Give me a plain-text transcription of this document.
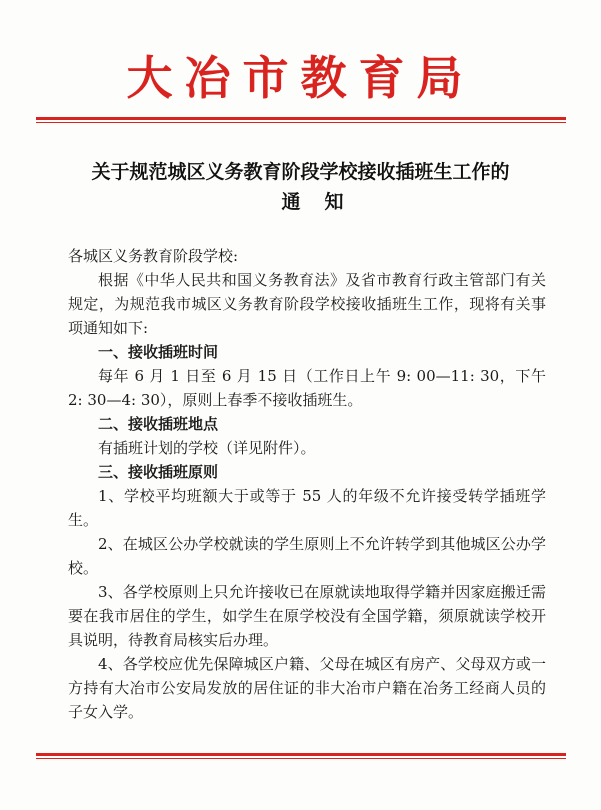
大冶市教育局
关于规范城区义务教育阶段学校接收插班生工作的
通知

各城区义务教育阶段学校:

根据《中华人民共和国义务教育法》及省市教育行政主管部门有关规定，为规范我市城区义务教育阶段学校接收插班生工作，现将有关事项通知如下:

一、接收插班时间

每年 6 月 1 日至 6 月 15 日（工作日上午 9: 00—11: 30，下午 2: 30—4: 30），原则上春季不接收插班生。

二、接收插班地点

有插班计划的学校（详见附件）。

三、接收插班原则

1、学校平均班额大于或等于 55 人的年级不允许接受转学插班学生。

2、在城区公办学校就读的学生原则上不允许转学到其他城区公办学校。

3、各学校原则上只允许接收已在原就读地取得学籍并因家庭搬迁需要在我市居住的学生，如学生在原学校没有全国学籍，须原就读学校开具说明，待教育局核实后办理。

4、各学校应优先保障城区户籍、父母在城区有房产、父母双方或一方持有大冶市公安局发放的居住证的非大冶市户籍在冶务工经商人员的子女入学。
